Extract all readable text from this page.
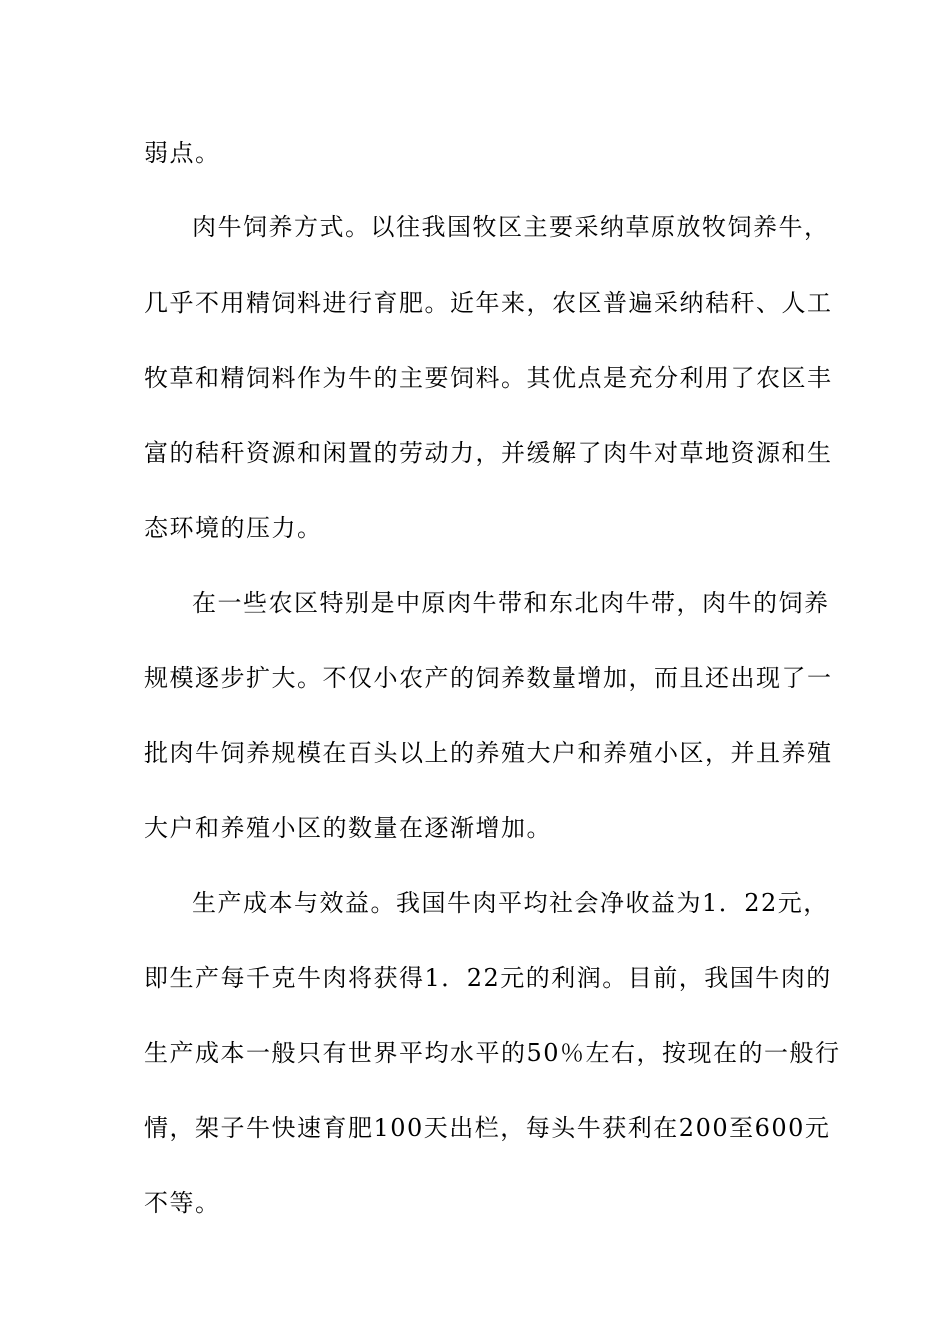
弱点。
肉牛饲养方式。以往我国牧区主要采纳草原放牧饲养牛，
几乎不用精饲料进行育肥。近年来，农区普遍采纳秸秆、人工
牧草和精饲料作为牛的主要饲料。其优点是充分利用了农区丰
富的秸秆资源和闲置的劳动力，并缓解了肉牛对草地资源和生
态环境的压力。
在一些农区特别是中原肉牛带和东北肉牛带，肉牛的饲养
规模逐步扩大。不仅小农产的饲养数量增加，而且还出现了一
批肉牛饲养规模在百头以上的养殖大户和养殖小区，并且养殖
大户和养殖小区的数量在逐渐增加。
生产成本与效益。我国牛肉平均社会净收益为1．22元，
即生产每千克牛肉将获得1．22元的利润。目前，我国牛肉的
生产成本一般只有世界平均水平的50％左右，按现在的一般行
情，架子牛快速育肥100天出栏，每头牛获利在200至600元
不等。
